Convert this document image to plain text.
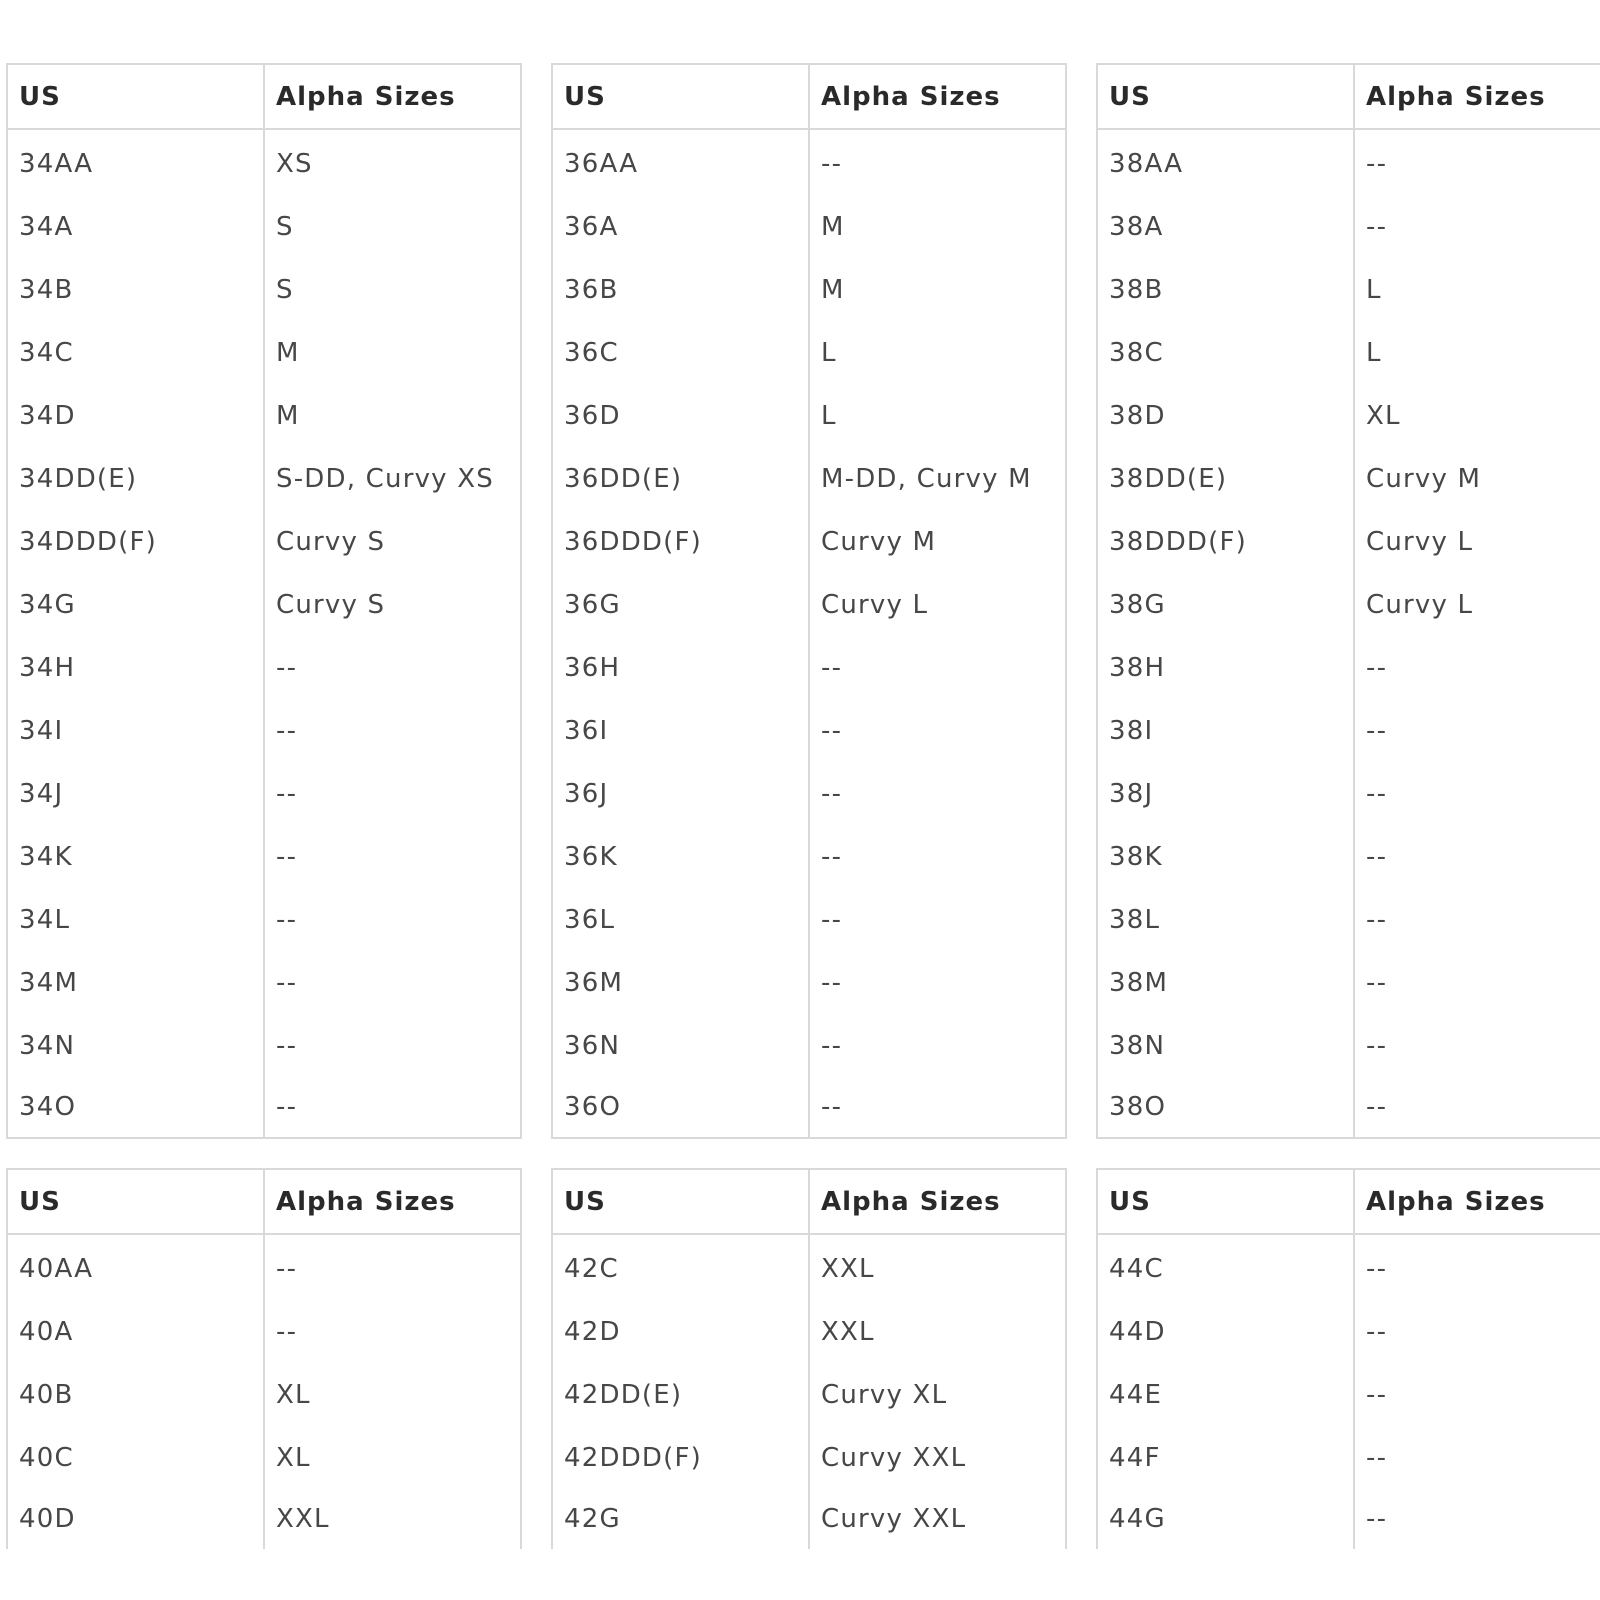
US	Alpha Sizes
34AA	XS
34A	S
34B	S
34C	M
34D	M
34DD(E)	S-DD, Curvy XS
34DDD(F)	Curvy S
34G	Curvy S
34H	--
34I	--
34J	--
34K	--
34L	--
34M	--
34N	--
34O	--
US	Alpha Sizes
36AA	--
36A	M
36B	M
36C	L
36D	L
36DD(E)	M-DD, Curvy M
36DDD(F)	Curvy M
36G	Curvy L
36H	--
36I	--
36J	--
36K	--
36L	--
36M	--
36N	--
36O	--
US	Alpha Sizes
38AA	--
38A	--
38B	L
38C	L
38D	XL
38DD(E)	Curvy M
38DDD(F)	Curvy L
38G	Curvy L
38H	--
38I	--
38J	--
38K	--
38L	--
38M	--
38N	--
38O	--
US	Alpha Sizes
40AA	--
40A	--
40B	XL
40C	XL
40D	XXL
US	Alpha Sizes
42C	XXL
42D	XXL
42DD(E)	Curvy XL
42DDD(F)	Curvy XXL
42G	Curvy XXL
US	Alpha Sizes
44C	--
44D	--
44E	--
44F	--
44G	--
